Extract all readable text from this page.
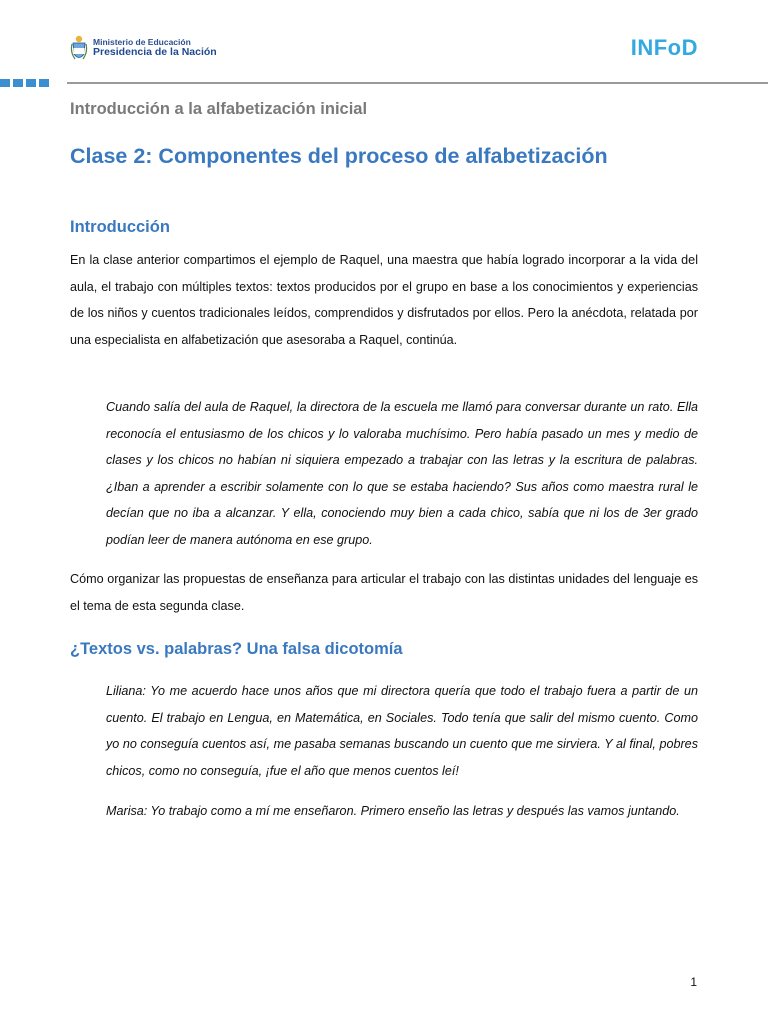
Ministerio de Educación
Presidencia de la Nación	INFoD
Introducción a la alfabetización inicial
Clase 2: Componentes del proceso de alfabetización
Introducción
En la clase anterior compartimos el ejemplo de Raquel, una maestra que había logrado incorporar a la vida del aula, el trabajo con múltiples textos: textos producidos por el grupo en base a los conocimientos y experiencias de los niños y cuentos tradicionales leídos, comprendidos y disfrutados por ellos. Pero la anécdota, relatada por una especialista en alfabetización que asesoraba a Raquel, continúa.
Cuando salía del aula de Raquel, la directora de la escuela me llamó para conversar durante un rato. Ella reconocía el entusiasmo de los chicos y lo valoraba muchísimo. Pero había pasado un mes y medio de clases y los chicos no habían ni siquiera empezado a trabajar con las letras y la escritura de palabras. ¿Iban a aprender a escribir solamente con lo que se estaba haciendo? Sus años como maestra rural le decían que no iba a alcanzar. Y ella, conociendo muy bien a cada chico, sabía que ni los de 3er grado podían leer de manera autónoma en ese grupo.
Cómo organizar las propuestas de enseñanza para articular el trabajo con las distintas unidades del lenguaje es el tema de esta segunda clase.
¿Textos vs. palabras? Una falsa dicotomía
Liliana: Yo me acuerdo hace unos años que mi directora quería que todo el trabajo fuera a partir de un cuento. El trabajo en Lengua, en Matemática, en Sociales. Todo tenía que salir del mismo cuento. Como yo no conseguía cuentos así, me pasaba semanas buscando un cuento que me sirviera. Y al final, pobres chicos, como no conseguía, ¡fue el año que menos cuentos leí!
Marisa: Yo trabajo como a mí me enseñaron. Primero enseño las letras y después las vamos juntando.
1
